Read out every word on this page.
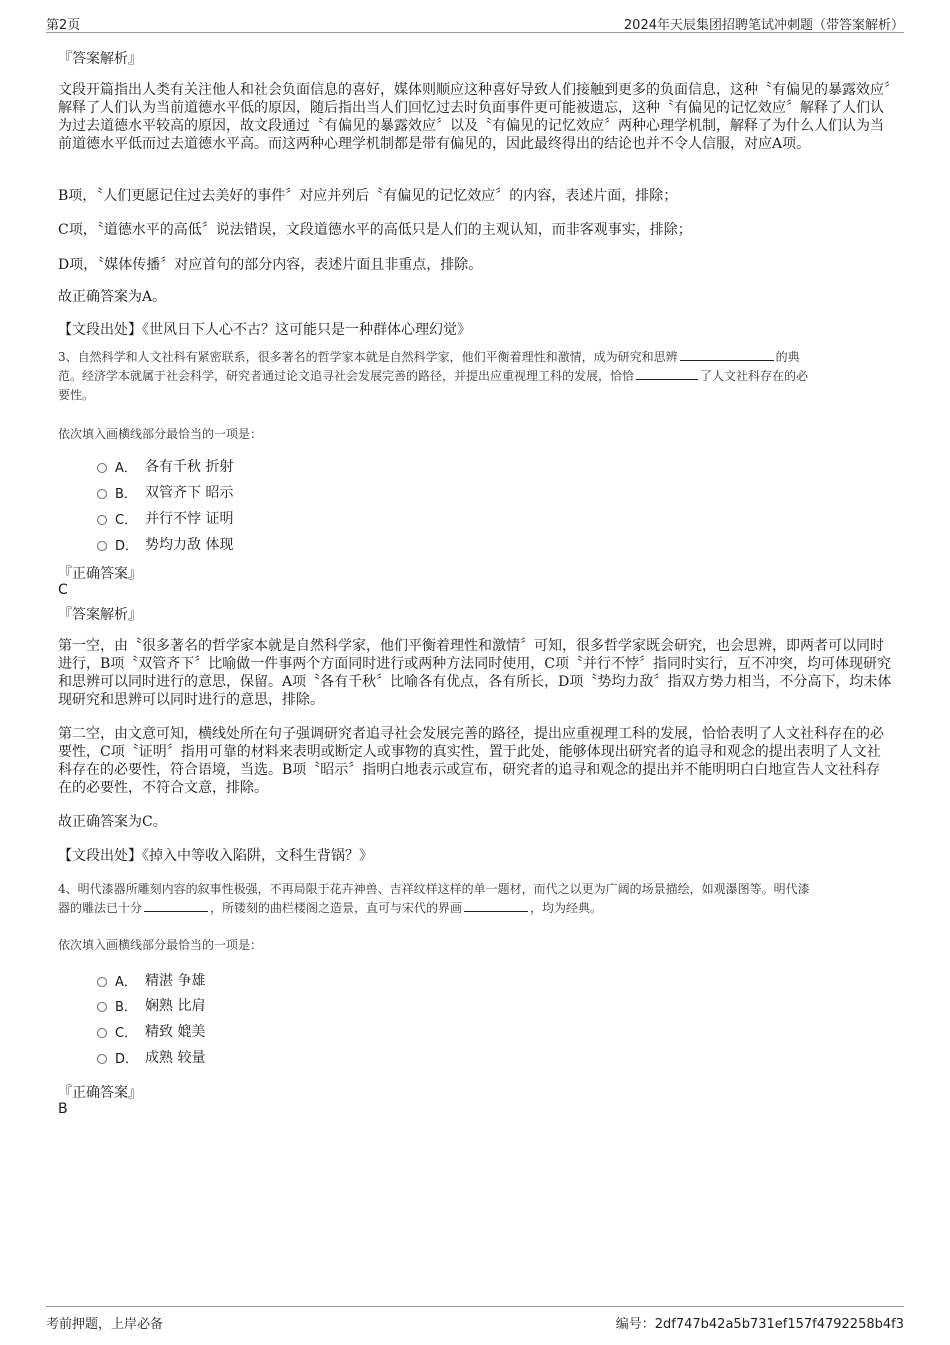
第2页	2024年天辰集团招聘笔试冲刺题（带答案解析）
『答案解析』
文段开篇指出人类有关注他人和社会负面信息的喜好，媒体则顺应这种喜好导致人们接触到更多的负面信息，这种〝有偏见的暴露效应〞解释了人们认为当前道德水平低的原因，随后指出当人们回忆过去时负面事件更可能被遗忘，这种〝有偏见的记忆效应〞解释了人们认为过去道德水平较高的原因，故文段通过〝有偏见的暴露效应〞以及〝有偏见的记忆效应〞两种心理学机制，解释了为什么人们认为当前道德水平低而过去道德水平高。而这两种心理学机制都是带有偏见的，因此最终得出的结论也并不令人信服，对应A项。
B项，〝人们更愿记住过去美好的事件〞对应并列后〝有偏见的记忆效应〞的内容，表述片面，排除；
C项，〝道德水平的高低〞说法错误，文段道德水平的高低只是人们的主观认知，而非客观事实，排除；
D项，〝媒体传播〞对应首句的部分内容，表述片面且非重点，排除。
故正确答案为A。
【文段出处】《世风日下人心不古？这可能只是一种群体心理幻觉》
3、自然科学和人文社科有紧密联系，很多著名的哲学家本就是自然科学家，他们平衡着理性和激情，成为研究和思辨	的典
范。经济学本就属于社会科学，研究者通过论文追寻社会发展完善的路径，并提出应重视理工科的发展，恰恰	了人文社科存在的必
要性。
依次填入画横线部分最恰当的一项是：
A． 各有千秋 折射
B． 双管齐下 昭示
C． 并行不悖 证明
D． 势均力敌 体现
『正确答案』
C
『答案解析』
第一空，由〝很多著名的哲学家本就是自然科学家，他们平衡着理性和激情〞可知，很多哲学家既会研究，也会思辨，即两者可以同时进行，B项〝双管齐下〞比喻做一件事两个方面同时进行或两种方法同时使用，C项〝并行不悖〞指同时实行，互不冲突，均可体现研究和思辨可以同时进行的意思，保留。A项〝各有千秋〞比喻各有优点，各有所长，D项〝势均力敌〞指双方势力相当，不分高下，均未体现研究和思辨可以同时进行的意思，排除。
第二空，由文意可知，横线处所在句子强调研究者追寻社会发展完善的路径，提出应重视理工科的发展，恰恰表明了人文社科存在的必要性，C项〝证明〞指用可靠的材料来表明或断定人或事物的真实性，置于此处，能够体现出研究者的追寻和观念的提出表明了人文社科存在的必要性，符合语境，当选。B项〝昭示〞指明白地表示或宣布，研究者的追寻和观念的提出并不能明明白白地宣告人文社科存在的必要性，不符合文意，排除。
故正确答案为C。
【文段出处】《掉入中等收入陷阱，文科生背锅？》
4、明代漆器所雕刻内容的叙事性极强，不再局限于花卉神兽、吉祥纹样这样的单一题材，而代之以更为广阔的场景描绘，如观瀑图等。明代漆
器的雕法已十分	，所镂刻的曲栏楼阁之造景，直可与宋代的界画	，均为经典。
依次填入画横线部分最恰当的一项是：
A． 精湛 争雄
B． 娴熟 比肩
C． 精致 媲美
D． 成熟 较量
『正确答案』
B
考前押题，上岸必备	编号：2df747b42a5b731ef157f4792258b4f3
